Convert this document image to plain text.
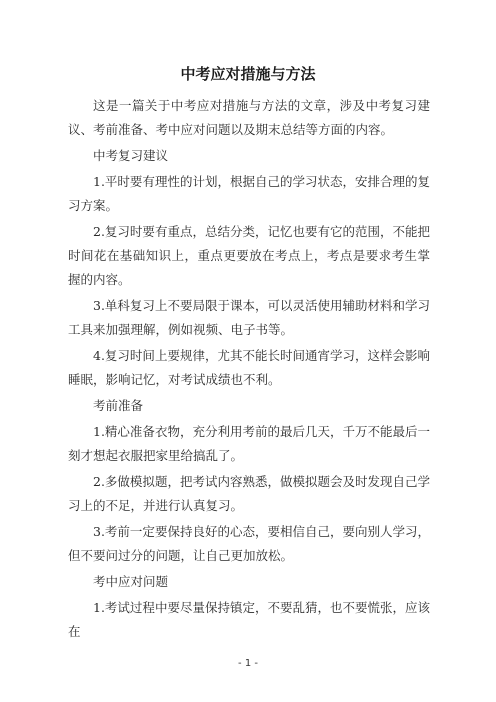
中考应对措施与方法

这是一篇关于中考应对措施与方法的文章，涉及中考复习建议、考前准备、考中应对问题以及期末总结等方面的内容。

中考复习建议

1.平时要有理性的计划，根据自己的学习状态，安排合理的复习方案。

2.复习时要有重点，总结分类，记忆也要有它的范围，不能把时间花在基础知识上，重点更要放在考点上，考点是要求考生掌握的内容。

3.单科复习上不要局限于课本，可以灵活使用辅助材料和学习工具来加强理解，例如视频、电子书等。

4.复习时间上要规律，尤其不能长时间通宵学习，这样会影响睡眠，影响记忆，对考试成绩也不利。

考前准备

1.精心准备衣物，充分利用考前的最后几天，千万不能最后一刻才想起衣服把家里给搞乱了。

2.多做模拟题，把考试内容熟悉，做模拟题会及时发现自己学习上的不足，并进行认真复习。

3.考前一定要保持良好的心态，要相信自己，要向别人学习，但不要问过分的问题，让自己更加放松。

考中应对问题

1.考试过程中要尽量保持镇定，不要乱猜，也不要慌张，应该在

- 1 -
